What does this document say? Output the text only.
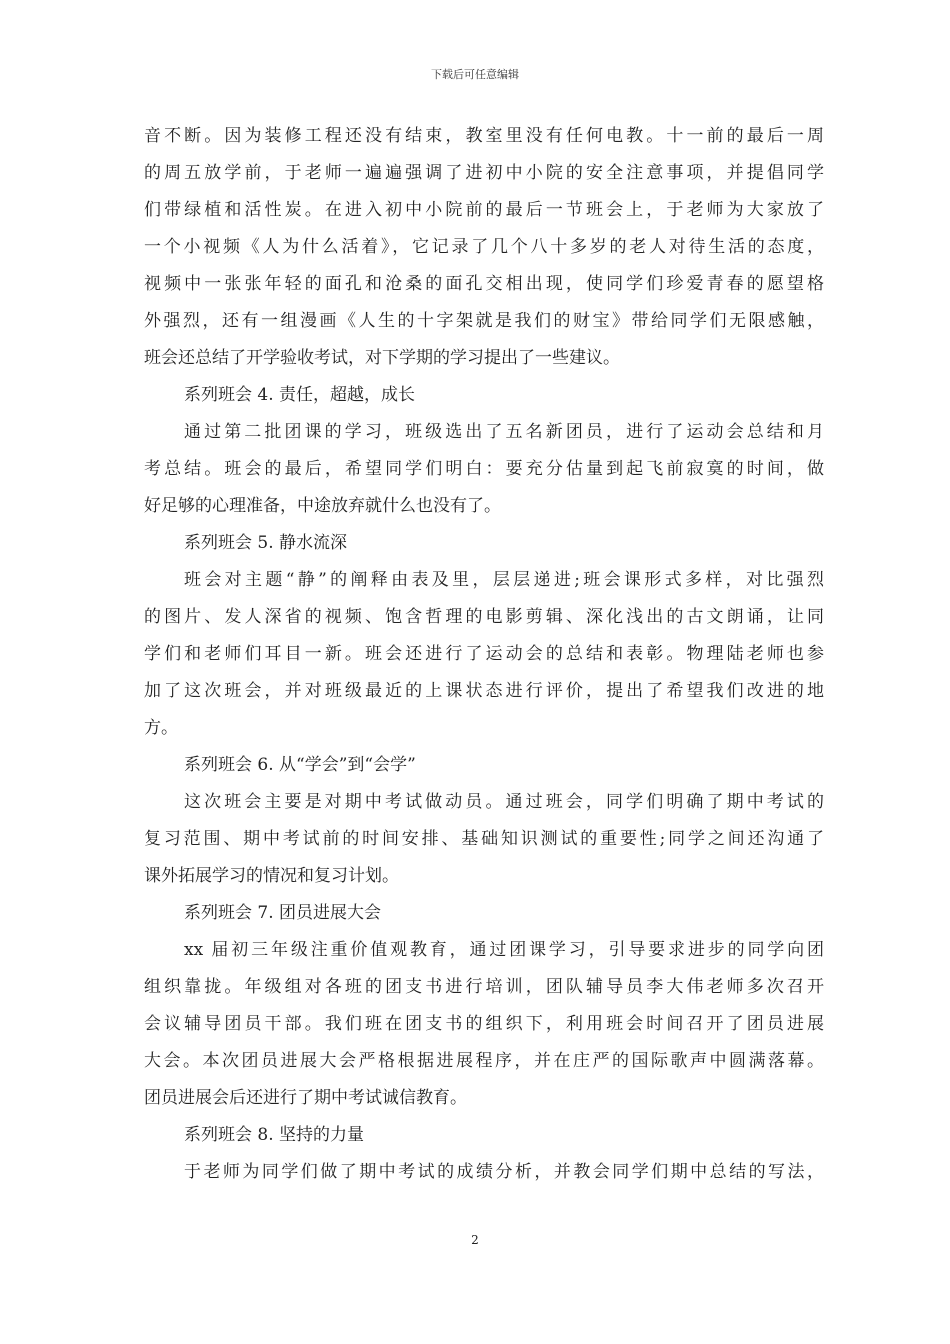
下载后可任意编辑
音不断。因为装修工程还没有结束，教室里没有任何电教。十一前的最后一周
的周五放学前，于老师一遍遍强调了进初中小院的安全注意事项，并提倡同学
们带绿植和活性炭。在进入初中小院前的最后一节班会上，于老师为大家放了
一个小视频《人为什么活着》，它记录了几个八十多岁的老人对待生活的态度，
视频中一张张年轻的面孔和沧桑的面孔交相出现，使同学们珍爱青春的愿望格
外强烈，还有一组漫画《人生的十字架就是我们的财宝》带给同学们无限感触，
班会还总结了开学验收考试，对下学期的学习提出了一些建议。
系列班会 4. 责任，超越，成长
通过第二批团课的学习，班级选出了五名新团员，进行了运动会总结和月
考总结。班会的最后，希望同学们明白：要充分估量到起飞前寂寞的时间，做
好足够的心理准备，中途放弃就什么也没有了。
系列班会 5. 静水流深
班会对主题“静”的阐释由表及里，层层递进;班会课形式多样，对比强烈
的图片、发人深省的视频、饱含哲理的电影剪辑、深化浅出的古文朗诵，让同
学们和老师们耳目一新。班会还进行了运动会的总结和表彰。物理陆老师也参
加了这次班会，并对班级最近的上课状态进行评价，提出了希望我们改进的地
方。
系列班会 6. 从“学会”到“会学”
这次班会主要是对期中考试做动员。通过班会，同学们明确了期中考试的
复习范围、期中考试前的时间安排、基础知识测试的重要性;同学之间还沟通了
课外拓展学习的情况和复习计划。
系列班会 7. 团员进展大会
xx 届初三年级注重价值观教育，通过团课学习，引导要求进步的同学向团
组织靠拢。年级组对各班的团支书进行培训，团队辅导员李大伟老师多次召开
会议辅导团员干部。我们班在团支书的组织下，利用班会时间召开了团员进展
大会。本次团员进展大会严格根据进展程序，并在庄严的国际歌声中圆满落幕。
团员进展会后还进行了期中考试诚信教育。
系列班会 8. 坚持的力量
于老师为同学们做了期中考试的成绩分析，并教会同学们期中总结的写法，
2
